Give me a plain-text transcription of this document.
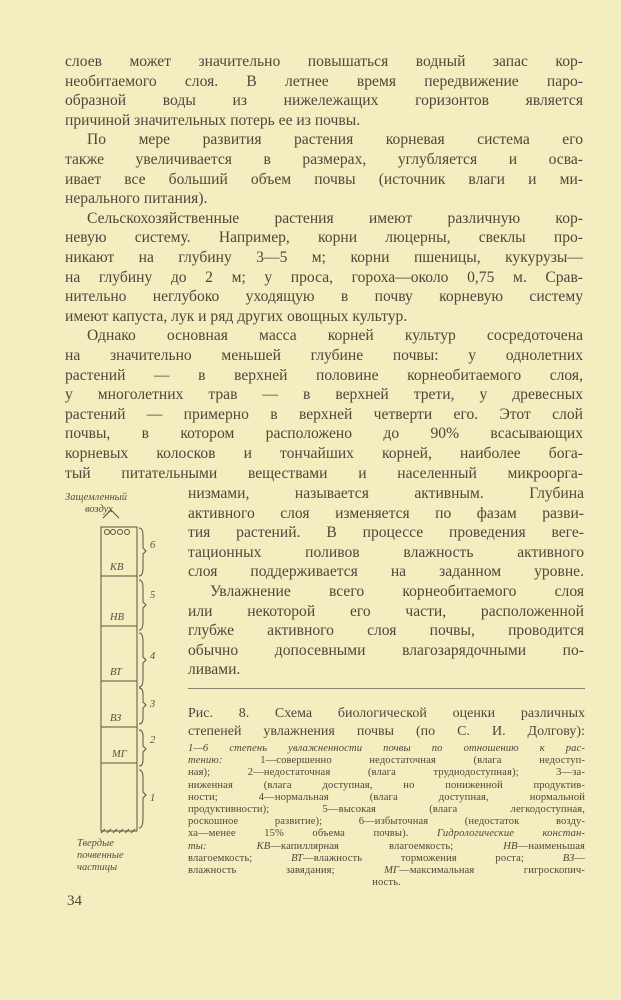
слоев может значительно повышаться водный запас кор-
необитаемого слоя. В летнее время передвижение паро-
образной воды из нижележащих горизонтов является
причиной значительных потерь ее из почвы.
По мере развития растения корневая система его
также увеличивается в размерах, углубляется и осва-
ивает все больший объем почвы (источник влаги и ми-
нерального питания).
Сельскохозяйственные растения имеют различную кор-
невую систему. Например, корни люцерны, свеклы про-
никают на глубину 3—5 м; корни пшеницы, кукурузы—
на глубину до 2 м; у проса, гороха—около 0,75 м. Срав-
нительно неглубоко уходящую в почву корневую систему
имеют капуста, лук и ряд других овощных культур.
Однако основная масса корней культур сосредоточена
на значительно меньшей глубине почвы: у однолетних
растений — в верхней половине корнеобитаемого слоя,
у многолетних трав — в верхней трети, у древесных
растений — примерно в верхней четверти его. Этот слой
почвы, в котором расположено до 90% всасывающих
корневых колосков и тончайших корней, наиболее бога-
тый питательными веществами и населенный микроорга-
низмами, называется активным. Глубина
активного слоя изменяется по фазам разви-
тия растений. В процессе проведения веге-
тационных поливов влажность активного
слоя поддерживается на заданном уровне.
Увлажнение всего корнеобитаемого слоя
или некоторой его части, расположенной
глубже активного слоя почвы, проводится
обычно допосевными влагозарядочными по-
ливами.
Защемленный
воздух
КВ
НВ
ВТ
ВЗ
МГ
6
5
4
3
2
1
Твердые
почвенные
частицы
Рис. 8. Схема биологической оценки различных
степеней увлажнения почвы (по С. И. Долгову):
1—6 степень увлажненности почвы по отношению к рас-
тению: 1—совершенно недостаточная (влага недоступ-
ная); 2—недостаточная (влага труднодоступная); 3—за-
ниженная (влага доступная, но пониженной продуктив-
ности; 4—нормальная (влага доступная, нормальной
продуктивности); 5—высокая (влага легкодоступная,
роскошное развитие); 6—избыточная (недостаток возду-
ха—менее 15% объема почвы). Гидрологические констан-
ты: КВ—капиллярная влагоемкость; НВ—наименьшая
влагоемкость; ВТ—влажность торможения роста; ВЗ—
влажность завядания; МГ—максимальная гигроскопич-
ность.
34
